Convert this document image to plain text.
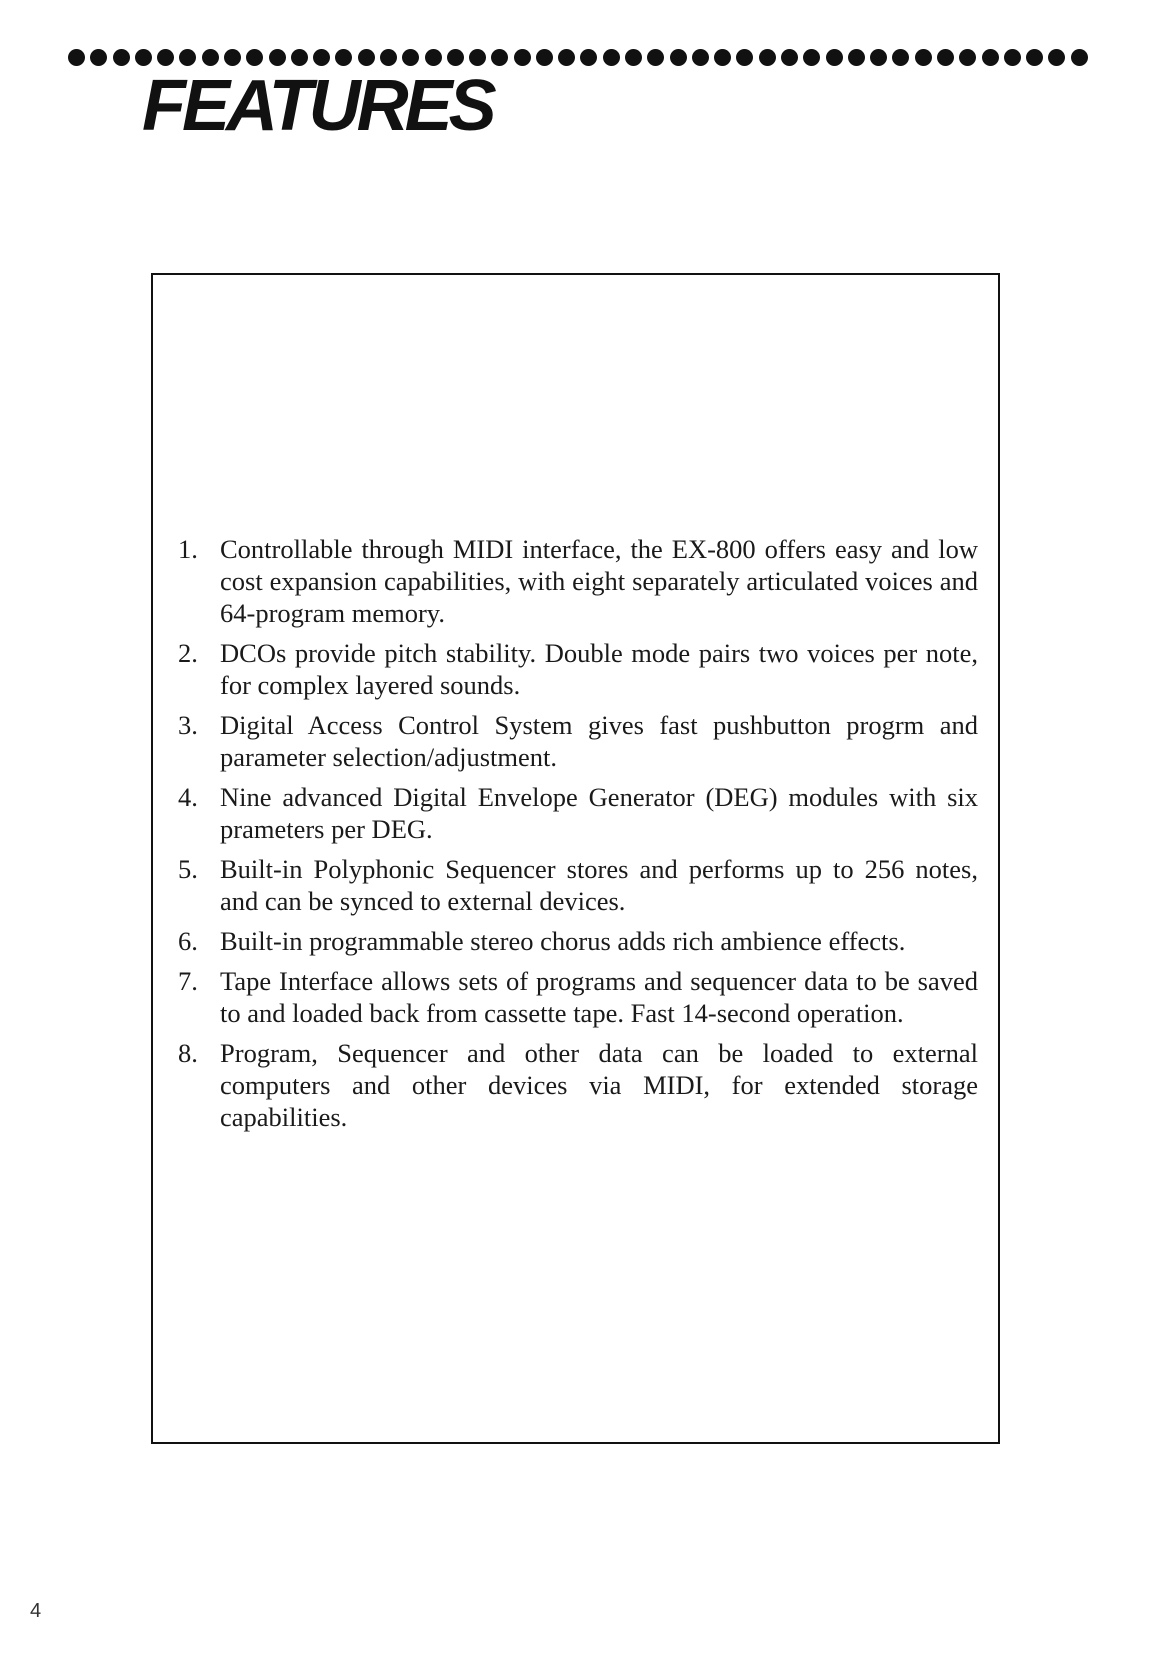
FEATURES
1. Controllable through MIDI interface, the EX-800 offers easy and low cost expansion capabilities, with eight separately articulated voices and 64-program memory.
2. DCOs provide pitch stability. Double mode pairs two voices per note, for complex layered sounds.
3. Digital Access Control System gives fast pushbutton progrm and parameter selection/adjustment.
4. Nine advanced Digital Envelope Generator (DEG) modules with six prameters per DEG.
5. Built-in Polyphonic Sequencer stores and performs up to 256 notes, and can be synced to external devices.
6. Built-in programmable stereo chorus adds rich ambience effects.
7. Tape Interface allows sets of programs and sequencer data to be saved to and loaded back from cassette tape. Fast 14-second operation.
8. Program, Sequencer and other data can be loaded to external computers and other devices via MIDI, for extended storage capabilities.
4
